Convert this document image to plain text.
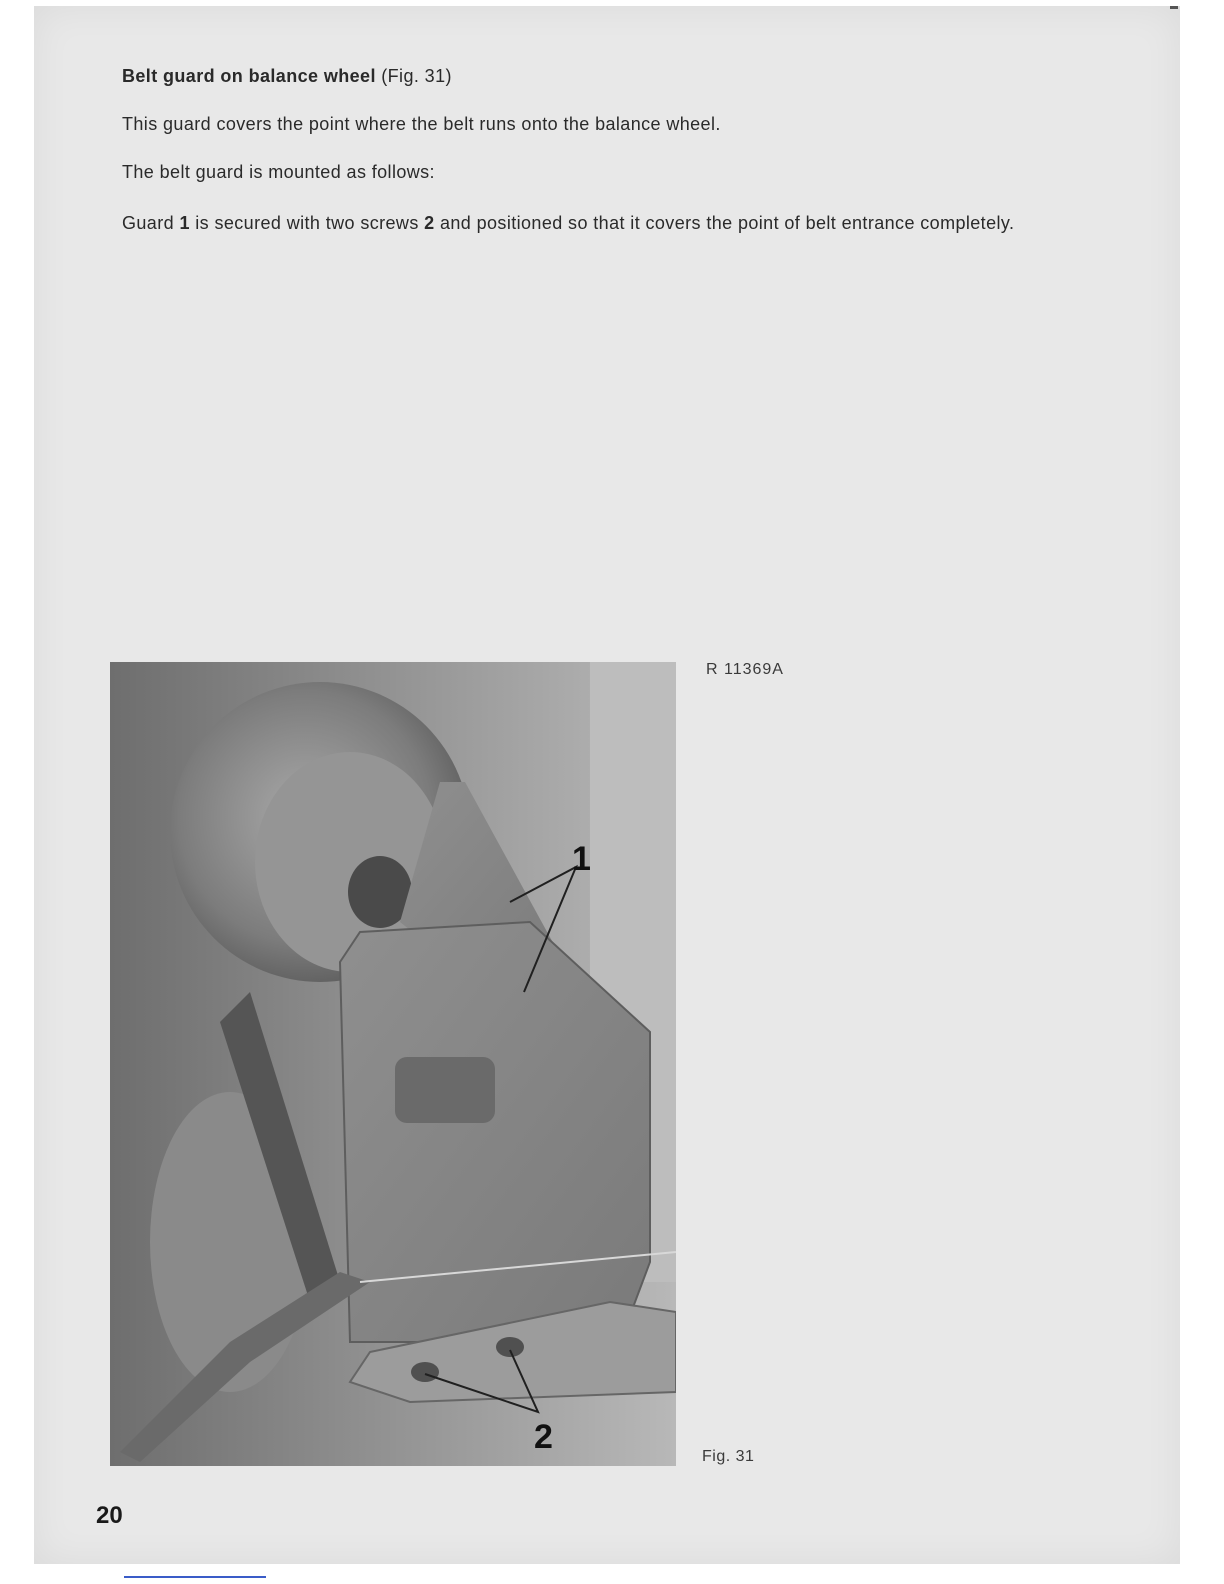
Belt guard on balance wheel (Fig. 31)
This guard covers the point where the belt runs onto the balance wheel.
The belt guard is mounted as follows:
Guard 1 is secured with two screws 2 and positioned so that it covers the point of belt entrance completely.
1
2
R 11369A
Fig. 31
20
